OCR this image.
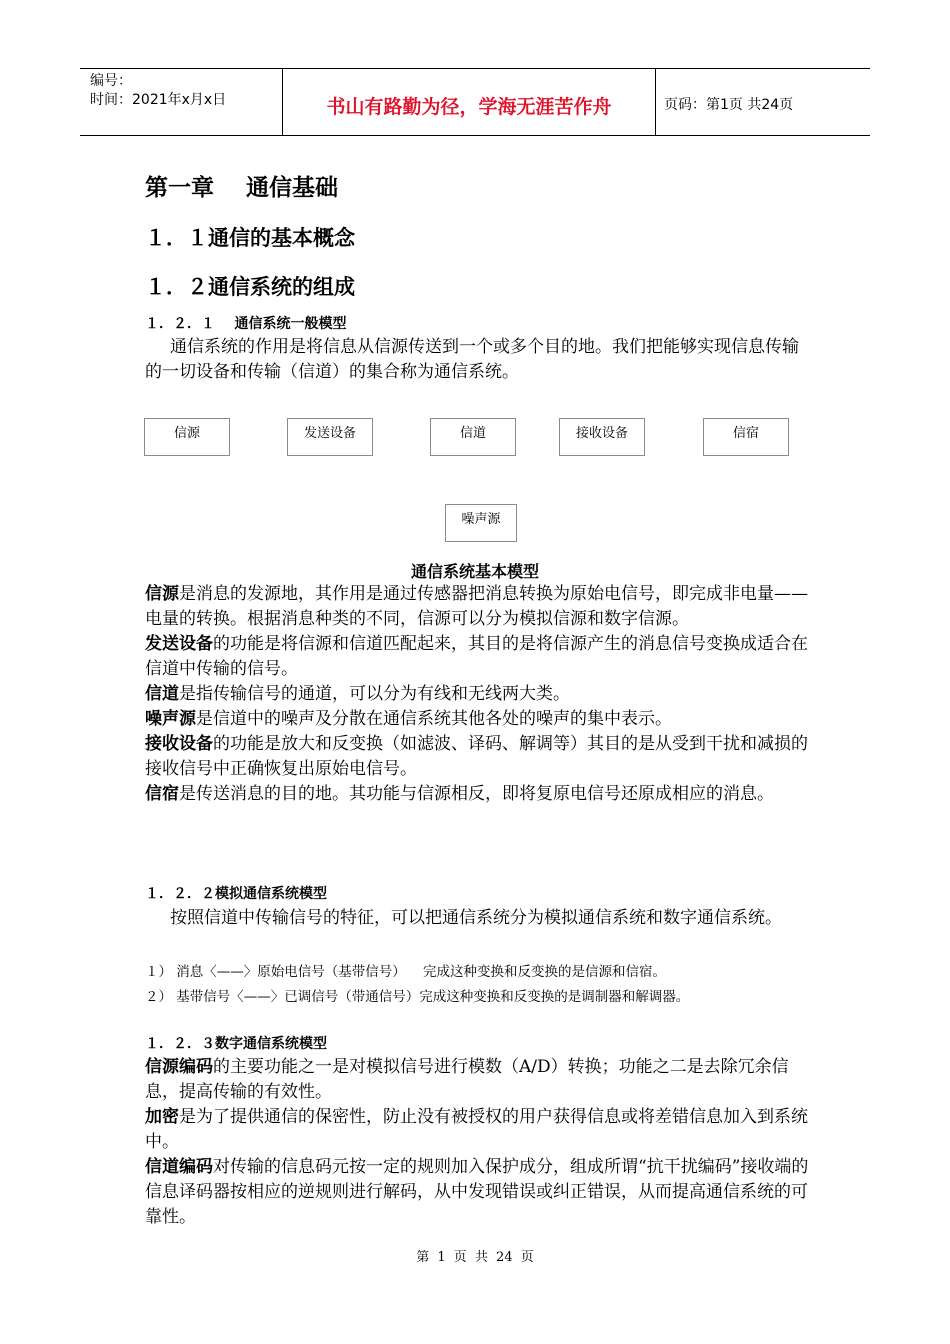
编号：
时间：2021年x月x日	书山有路勤为径，学海无涯苦作舟	页码：第1页 共24页
第一章    通信基础
１．１通信的基本概念
１．２通信系统的组成
１．２．１    通信系统一般模型
通信系统的作用是将信息从信源传送到一个或多个目的地。我们把能够实现信息传输的一切设备和传输（信道）的集合称为通信系统。
信源	发送设备	信道	接收设备	信宿
噪声源
通信系统基本模型
信源是消息的发源地，其作用是通过传感器把消息转换为原始电信号，即完成非电量——电量的转换。根据消息种类的不同，信源可以分为模拟信源和数字信源。
发送设备的功能是将信源和信道匹配起来，其目的是将信源产生的消息信号变换成适合在信道中传输的信号。
信道是指传输信号的通道，可以分为有线和无线两大类。
噪声源是信道中的噪声及分散在通信系统其他各处的噪声的集中表示。
接收设备的功能是放大和反变换（如滤波、译码、解调等）其目的是从受到干扰和减损的接收信号中正确恢复出原始电信号。
信宿是传送消息的目的地。其功能与信源相反，即将复原电信号还原成相应的消息。
１．２．２模拟通信系统模型
按照信道中传输信号的特征，可以把通信系统分为模拟通信系统和数字通信系统。
１） 消息〈——〉原始电信号（基带信号）    完成这种变换和反变换的是信源和信宿。
２） 基带信号〈——〉已调信号（带通信号）完成这种变换和反变换的是调制器和解调器。
１．２．３数字通信系统模型
信源编码的主要功能之一是对模拟信号进行模数（A/D）转换；功能之二是去除冗余信息，提高传输的有效性。
加密是为了提供通信的保密性，防止没有被授权的用户获得信息或将差错信息加入到系统中。
信道编码对传输的信息码元按一定的规则加入保护成分，组成所谓“抗干扰编码”接收端的信息译码器按相应的逆规则进行解码，从中发现错误或纠正错误，从而提高通信系统的可靠性。
第 1 页 共 24 页
